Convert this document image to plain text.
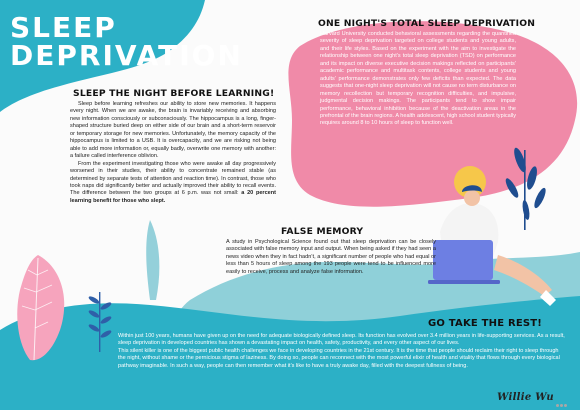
SLEEP
DEPRIVATION
SLEEP THE NIGHT BEFORE LEARNING!

Sleep before learning refreshes our ability to store new memories. It happens every night. When we are awake, the brain is invariably receiving and absorbing new information consciously or subconsciously. The hippocampus is a long, finger-shaped structure buried deep on either side of our brain and a short-term reservoir or temporary storage for new memories. Unfortunately, the memory capacity of the hippocampus is limited to a USB. It is overcapacity, and we are risking not being able to add more information or, equally badly, overwrite one memory with another: a failure called interference oblivion.

From the experiment investigating those who were awake all day progressively worsened in their studies, their ability to concentrate remained stable (as determined by separate tests of attention and reaction time). In contrast, those who took naps did significantly better and actually improved their ability to recall events. The difference between the two groups at 6 p.m. was not small: a 20 percent learning benefit for those who slept.

ONE NIGHT'S TOTAL SLEEP DEPRIVATION
Harvard University conducted behavioral assessments regarding the quantified severity of sleep deprivation targeted on college students and young adults, and their life styles. Based on the experiment with the aim to investigate the relationship between one night's total sleep deprivation (TSD) on performance and its impact on diverse executive decision makings reflected on participants’ academic performance and multitask contents, college students and young adults’ performance demonstrates only few deficits than expected. The data suggests that one-night sleep deprivation will not cause no term disturbance on memory recollection but temporary recognition difficulties, and impulsive, judgmental decision makings. The participants tend to show impair performance, behavioral inhibition because of the deactivation areas in the prefrontal of the brain regions. A health adolescent, high school student typically requires around 8 to 10 hours of sleep to function well.
FALSE MEMORY
A study in Psychological Science found out that sleep deprivation can be closely associated with false memory input and output. When being asked if they had seen a news video when they in fact hadn’t, a significant number of people who had equal or less than 5 hours of sleep among the 193 people were tend to be influenced more easily to receive, process and analyze false information.
GO TAKE THE REST!

Within just 100 years, humans have given up on the need for adequate biologically defined sleep. Its function has evolved over 3.4 million years in life-supporting services. As a result, sleep deprivation in developed countries has shown a devastating impact on health, safety, productivity, and every other aspect of our lives.

This silent killer is one of the biggest public health challenges we face in developing countries in the 21st century. It is the time that people should reclaim their right to sleep through the night, without shame or the pernicious stigma of laziness. By doing so, people can reconnect with the most powerful elixir of health and vitality that flows through every biological pathway imaginable. In such a way, people can then remember what it's like to have a truly awake day, filled with the deepest fullness of being.

Willie Wu
